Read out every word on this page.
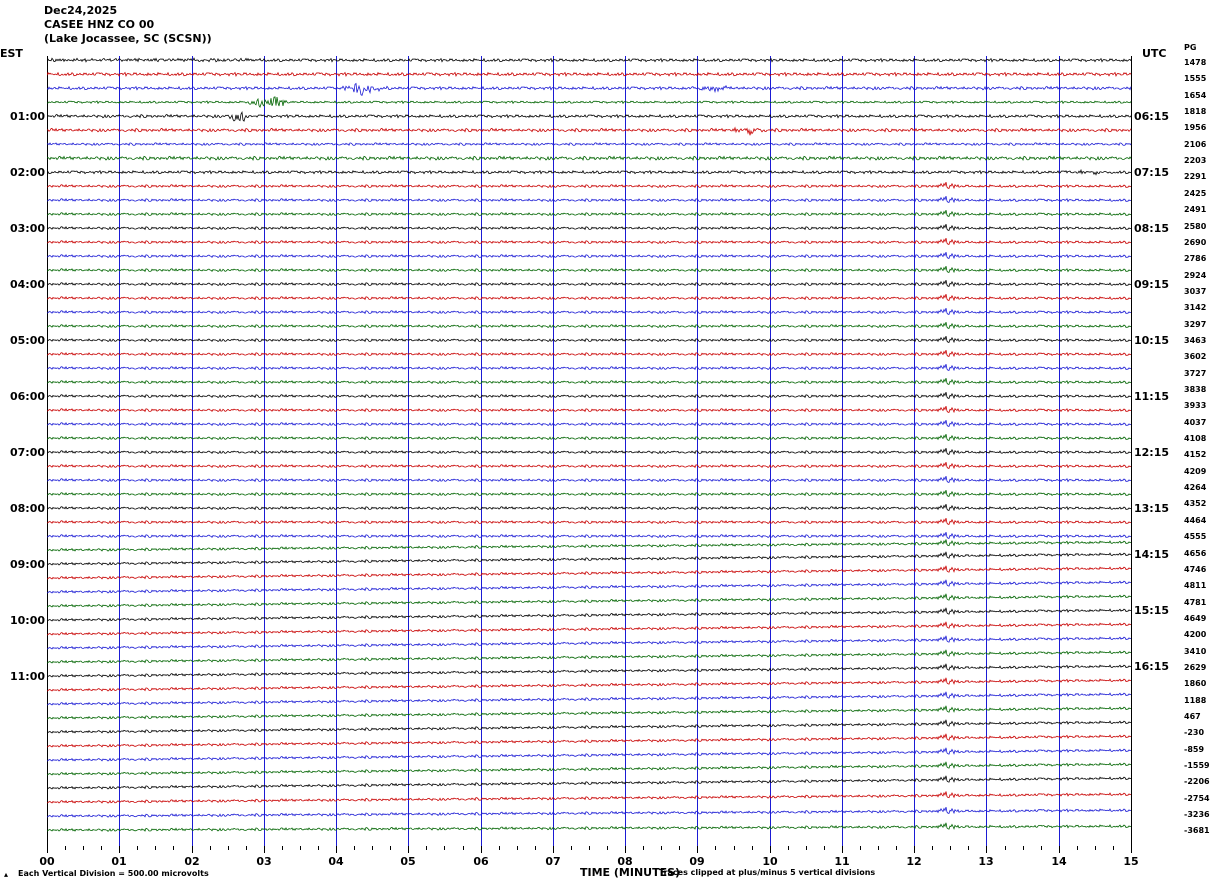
Dec24,2025
CASEE HNZ CO 00
(Lake Jocassee, SC (SCSN))
EST	UTC PG
TIME (MINUTES)
▴ Each Vertical Division = 500.00 microvolts	Traces clipped at plus/minus 5 vertical divisions
00	01	02	03	04	05	06	07	08	09	10	11	12	13	14	15
01:00
02:00
03:00
04:00
05:00
06:00
07:00
08:00
09:00
10:00
11:00
06:15
07:15
08:15
09:15
10:15
11:15
12:15
13:15
14:15
15:15
16:15
1478
1555
1654
1818
1956
2106
2203
2291
2425
2491
2580
2690
2786
2924
3037
3142
3297
3463
3602
3727
3838
3933
4037
4108
4152
4209
4264
4352
4464
4555
4656
4746
4811
4781
4649
4200
3410
2629
1860
1188
467
-230
-859
-1559
-2206
-2754
-3236
-3681
